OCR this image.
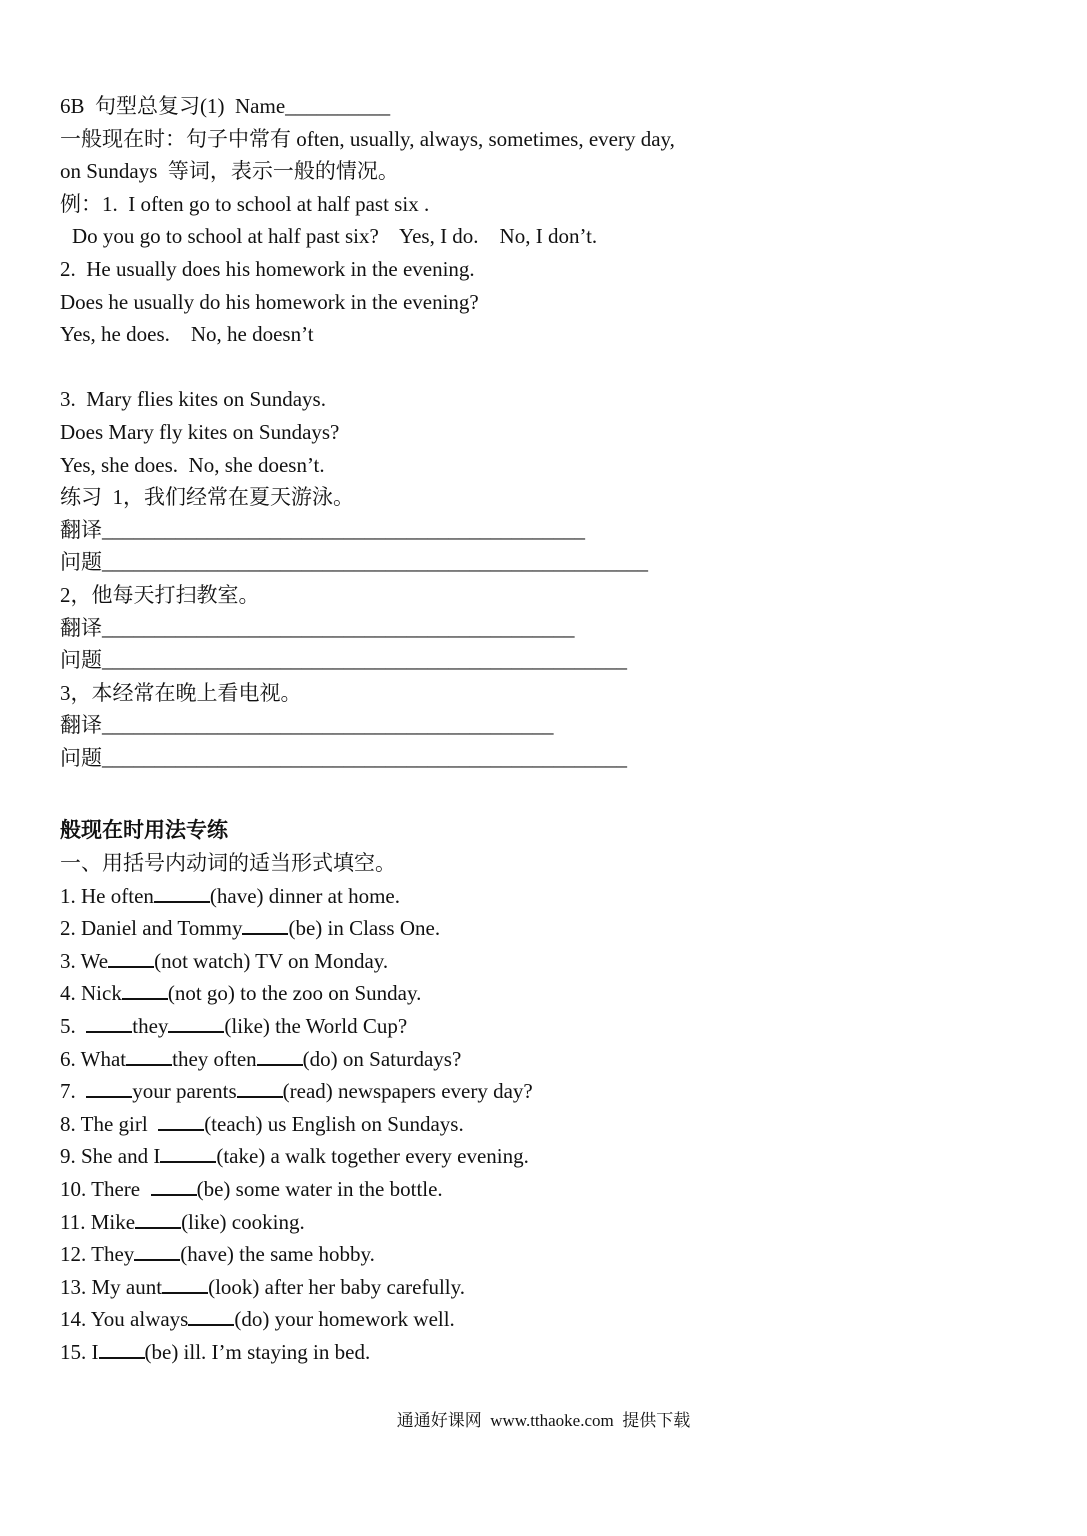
6B  句型总复习(1)  Name__________
一般现在时：句子中常有 often, usually, always, sometimes, every day,
on Sundays  等词，表示一般的情况。
例：1.  I often go to school at half past six .
Do you go to school at half past six?    Yes, I do.    No, I don’t.
2.  He usually does his homework in the evening.
Does he usually do his homework in the evening?
Yes, he does.    No, he doesn’t
3.  Mary flies kites on Sundays.
Does Mary fly kites on Sundays?
Yes, she does.  No, she doesn’t.
练习  1，我们经常在夏天游泳。
翻译______________________________________________
问题____________________________________________________
2，他每天打扫教室。
翻译_____________________________________________
问题__________________________________________________
3，本经常在晚上看电视。
翻译___________________________________________
问题__________________________________________________
般现在时用法专练
一、用括号内动词的适当形式填空。
1. He often	(have) dinner at home.
2. Daniel and Tommy (be) in Class One.
3. We (not watch) TV on Monday.
4. Nick (not go) to the zoo on Sunday.
5.  they	(like) the World Cup?
6. What they often (do) on Saturdays?
7.  your parents (read) newspapers every day?
8. The girl  (teach) us English on Sundays.
9. She and I	(take) a walk together every evening.
10. There  (be) some water in the bottle.
11. Mike (like) cooking.
12. They (have) the same hobby.
13. My aunt (look) after her baby carefully.
14. You always (do) your homework well.
15. I (be) ill. I’m staying in bed.
通通好课网  www.tthaoke.com  提供下载
